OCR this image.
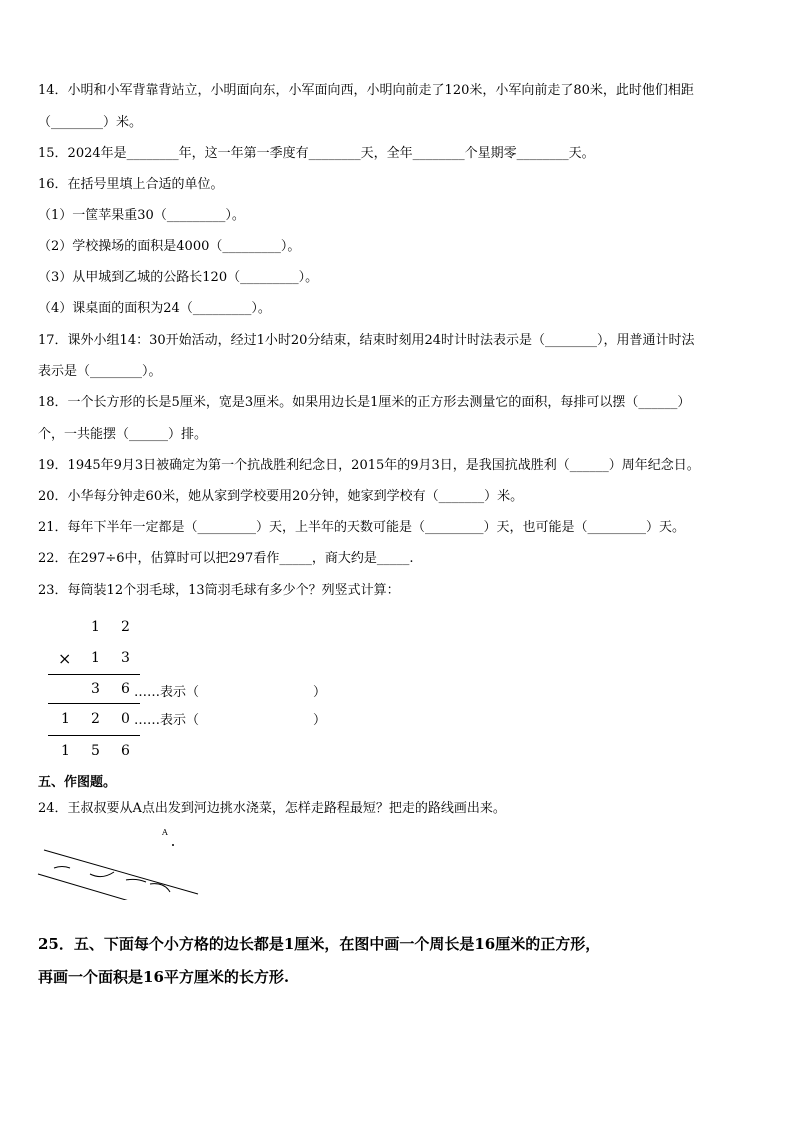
14．小明和小军背靠背站立，小明面向东，小军面向西，小明向前走了120米，小军向前走了80米，此时他们相距
（________）米。
15．2024年是________年，这一年第一季度有________天，全年________个星期零________天。
16．在括号里填上合适的单位。
（1）一筐苹果重30（_________）。
（2）学校操场的面积是4000（_________）。
（3）从甲城到乙城的公路长120（_________）。
（4）课桌面的面积为24（_________）。
17．课外小组14：30开始活动，经过1小时20分结束，结束时刻用24时计时法表示是（________），用普通计时法
表示是（________）。
18．一个长方形的长是5厘米，宽是3厘米。如果用边长是1厘米的正方形去测量它的面积，每排可以摆（______）
个，一共能摆（______）排。
19．1945年9月3日被确定为第一个抗战胜利纪念日，2015年的9月3日，是我国抗战胜利（______）周年纪念日。
20．小华每分钟走60米，她从家到学校要用20分钟，她家到学校有（_______）米。
21．每年下半年一定都是（_________）天，上半年的天数可能是（_________）天，也可能是（_________）天。
22．在297÷6中，估算时可以把297看作_____，商大约是_____.
23．每筒装12个羽毛球，13筒羽毛球有多少个？列竖式计算：
1 2
× 1 3
3 6 ……表示（	）
1 2 0 ……表示（	）
1 5 6
五、作图题。
24．王叔叔要从A点出发到河边挑水浇菜，怎样走路程最短？把走的路线画出来。
A
25．五、下面每个小方格的边长都是1厘米，在图中画一个周长是16厘米的正方形，
再画一个面积是16平方厘米的长方形.
